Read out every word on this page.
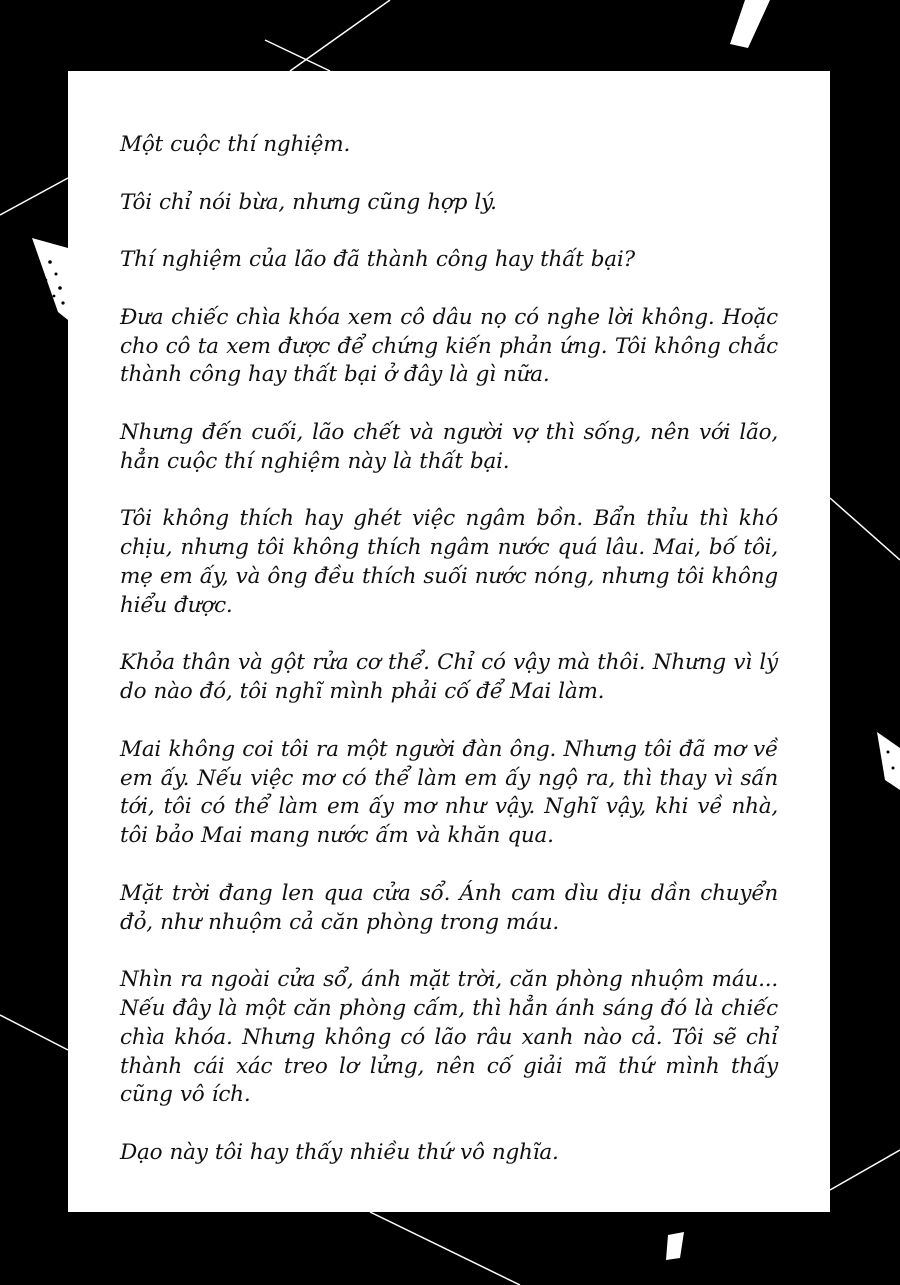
Một cuộc thí nghiệm.

Tôi chỉ nói bừa, nhưng cũng hợp lý.

Thí nghiệm của lão đã thành công hay thất bại?

Đưa chiếc chìa khóa xem cô dâu nọ có nghe lời không. Hoặc cho cô ta xem được để chứng kiến phản ứng. Tôi không chắc thành công hay thất bại ở đây là gì nữa.

Nhưng đến cuối, lão chết và người vợ thì sống, nên với lão, hẳn cuộc thí nghiệm này là thất bại.

Tôi không thích hay ghét việc ngâm bồn. Bẩn thỉu thì khó chịu, nhưng tôi không thích ngâm nước quá lâu. Mai, bố tôi, mẹ em ấy, và ông đều thích suối nước nóng, nhưng tôi không hiểu được.

Khỏa thân và gột rửa cơ thể. Chỉ có vậy mà thôi. Nhưng vì lý do nào đó, tôi nghĩ mình phải cố để Mai làm.

Mai không coi tôi ra một người đàn ông. Nhưng tôi đã mơ về em ấy. Nếu việc mơ có thể làm em ấy ngộ ra, thì thay vì sấn tới, tôi có thể làm em ấy mơ như vậy. Nghĩ vậy, khi về nhà, tôi bảo Mai mang nước ấm và khăn qua.

Mặt trời đang len qua cửa sổ. Ánh cam dìu dịu dần chuyển đỏ, như nhuộm cả căn phòng trong máu.

Nhìn ra ngoài cửa sổ, ánh mặt trời, căn phòng nhuộm máu... Nếu đây là một căn phòng cấm, thì hẳn ánh sáng đó là chiếc chìa khóa. Nhưng không có lão râu xanh nào cả. Tôi sẽ chỉ thành cái xác treo lơ lửng, nên cố giải mã thứ mình thấy cũng vô ích.

Dạo này tôi hay thấy nhiều thứ vô nghĩa.
